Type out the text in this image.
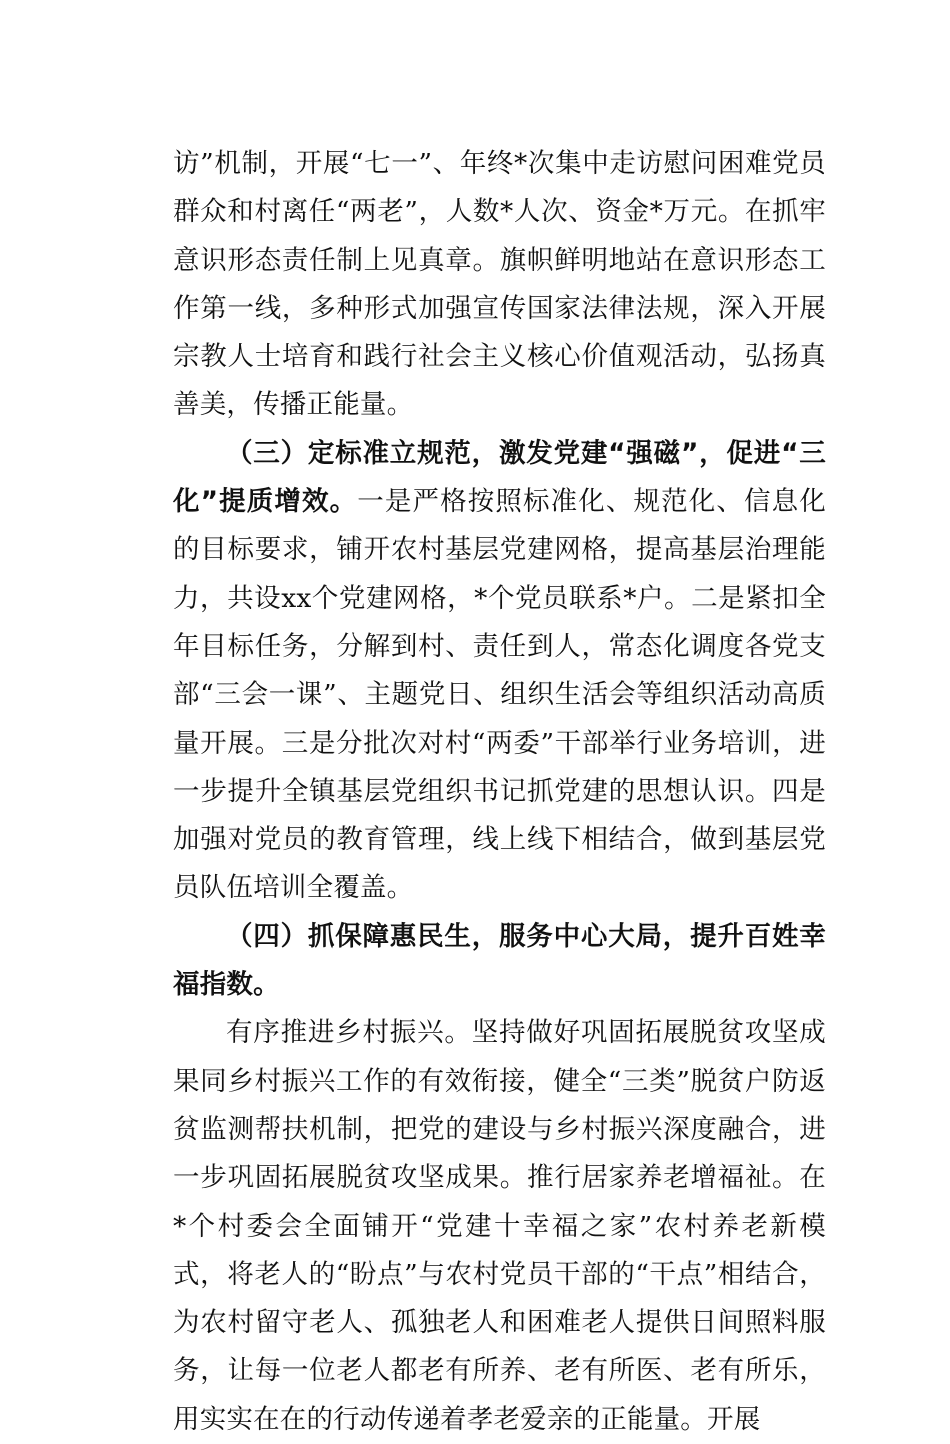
访”机制，开展“七一”、年终*次集中走访慰问困难党员群众和村离任“两老”，人数*人次、资金*万元。在抓牢意识形态责任制上见真章。旗帜鲜明地站在意识形态工作第一线，多种形式加强宣传国家法律法规，深入开展宗教人士培育和践行社会主义核心价值观活动，弘扬真善美，传播正能量。

（三）定标准立规范，激发党建“强磁”，促进“三化”提质增效。一是严格按照标准化、规范化、信息化的目标要求，铺开农村基层党建网格，提高基层治理能力，共设xx个党建网格，*个党员联系*户。二是紧扣全年目标任务，分解到村、责任到人，常态化调度各党支部“三会一课”、主题党日、组织生活会等组织活动高质量开展。三是分批次对村“两委”干部举行业务培训，进一步提升全镇基层党组织书记抓党建的思想认识。四是加强对党员的教育管理，线上线下相结合，做到基层党员队伍培训全覆盖。

（四）抓保障惠民生，服务中心大局，提升百姓幸福指数。

有序推进乡村振兴。坚持做好巩固拓展脱贫攻坚成果同乡村振兴工作的有效衔接，健全“三类”脱贫户防返贫监测帮扶机制，把党的建设与乡村振兴深度融合，进一步巩固拓展脱贫攻坚成果。推行居家养老增福祉。在*个村委会全面铺开“党建十幸福之家”农村养老新模式，将老人的“盼点”与农村党员干部的“干点”相结合，为农村留守老人、孤独老人和困难老人提供日间照料服务，让每一位老人都老有所养、老有所医、老有所乐，用实实在在的行动传递着孝老爱亲的正能量。开展
